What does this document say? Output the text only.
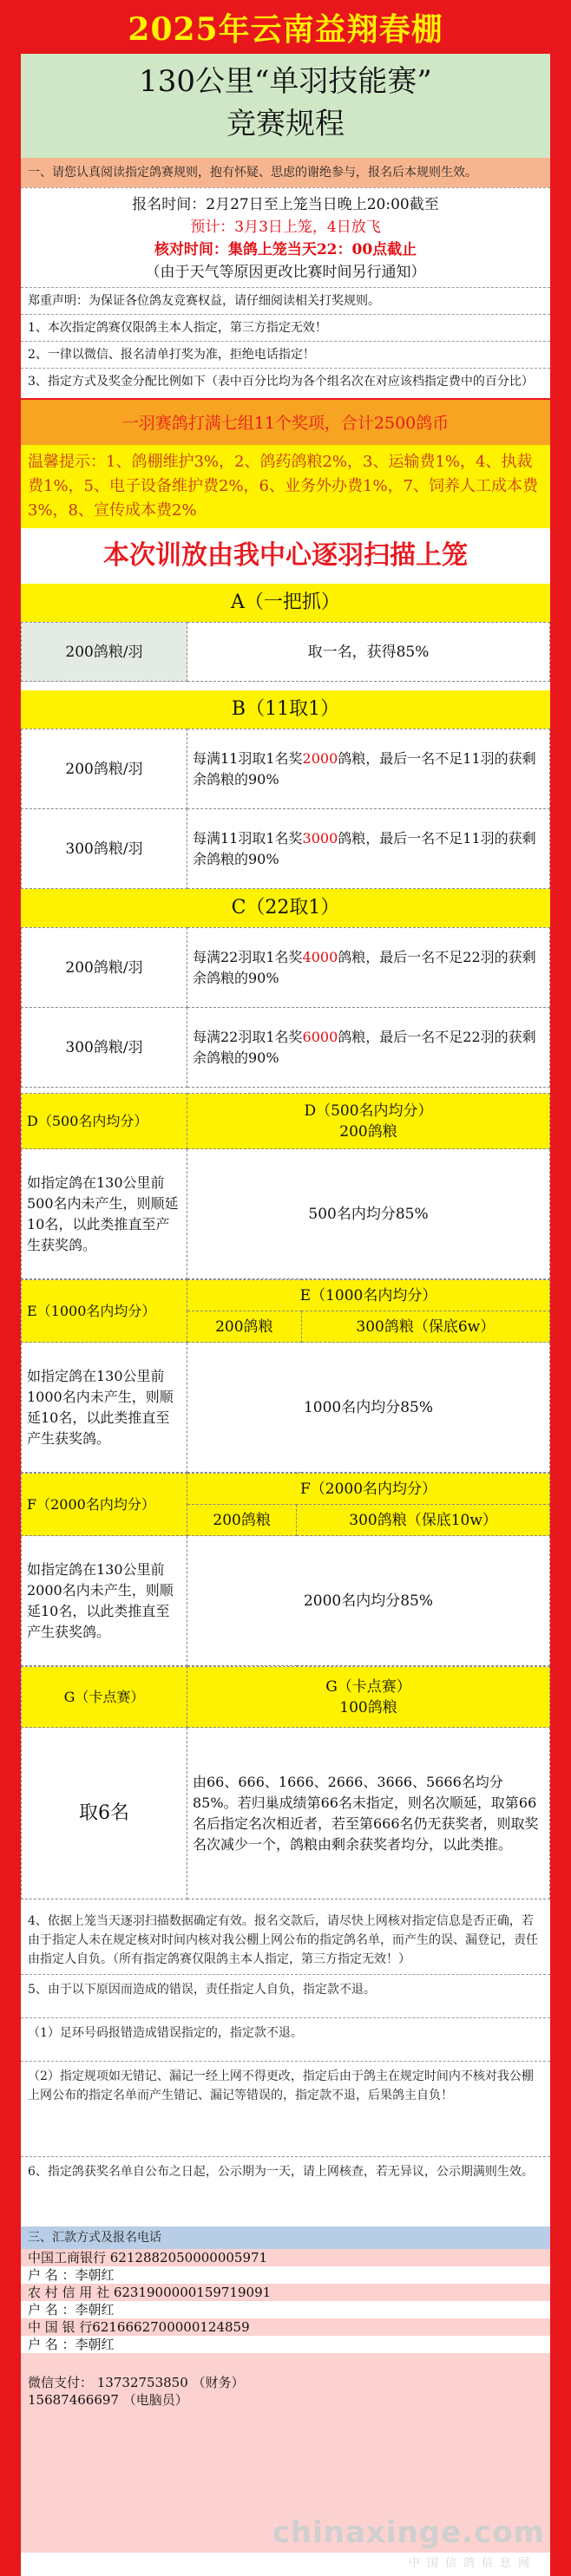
2025年云南益翔春棚
130公里“单羽技能赛”
竞赛规程
一、请您认真阅读指定鸽赛规则，抱有怀疑、思虑的谢绝参与，报名后本规则生效。
报名时间：2月27日至上笼当日晚上20:00截至
预计：3月3日上笼，4日放飞
核对时间：集鸽上笼当天22：00点截止
（由于天气等原因更改比赛时间另行通知）
郑重声明：为保证各位鸽友竞赛权益，请仔细阅读相关打奖规则。
1、本次指定鸽赛仅限鸽主本人指定，第三方指定无效！
2、一律以微信、报名清单打奖为准，拒绝电话指定！
3、指定方式及奖金分配比例如下（表中百分比均为各个组名次在对应该档指定费中的百分比）
一羽赛鸽打满七组11个奖项，合计2500鸽币
温馨提示：1、鸽棚维护3%，2、鸽药鸽粮2%，3、运输费1%，4、执裁费1%，5、电子设备维护费2%，6、业务外办费1%，7、饲养人工成本费3%，8、宣传成本费2%
本次训放由我中心逐羽扫描上笼
A（一把抓）
200鸽粮/羽	取一名，获得85%
B（11取1）
200鸽粮/羽	每满11羽取1名奖2000鸽粮，最后一名不足11羽的获剩余鸽粮的90%
300鸽粮/羽	每满11羽取1名奖3000鸽粮，最后一名不足11羽的获剩余鸽粮的90%
C（22取1）
200鸽粮/羽	每满22羽取1名奖4000鸽粮，最后一名不足22羽的获剩余鸽粮的90%
300鸽粮/羽	每满22羽取1名奖6000鸽粮，最后一名不足22羽的获剩余鸽粮的90%
D（500名内均分）	D（500名内均分）
200鸽粮

如指定鸽在130公里前500名内未产生，则顺延10名，以此类推直至产生获奖鸽。	500名内均分85%
E（1000名内均分）	E（1000名内均分）	
	200鸽粮	300鸽粮（保底6w）
如指定鸽在130公里前1000名内未产生，则顺延10名，以此类推直至产生获奖鸽。	1000名内均分85%	
F（2000名内均分）	F（2000名内均分）	
	200鸽粮	300鸽粮（保底10w）
如指定鸽在130公里前2000名内未产生，则顺延10名，以此类推直至产生获奖鸽。	2000名内均分85%	
G（卡点赛）	G（卡点赛）
100鸽粮

取6名	由66、666、1666、2666、3666、5666名均分85%。若归巢成绩第66名未指定，则名次顺延，取第66名后指定名次相近者，若至第666名仍无获奖者，则取奖名次减少一个，鸽粮由剩余获奖者均分，以此类推。
4、依据上笼当天逐羽扫描数据确定有效。报名交款后，请尽快上网核对指定信息是否正确，若由于指定人未在规定核对时间内核对我公棚上网公布的指定鸽名单，而产生的误、漏登记，责任由指定人自负。（所有指定鸽赛仅限鸽主本人指定，第三方指定无效！）
5、由于以下原因而造成的错误，责任指定人自负，指定款不退。
（1）足环号码报错造成错误指定的，指定款不退。
（2）指定规项如无错记、漏记一经上网不得更改，指定后由于鸽主在规定时间内不核对我公棚上网公布的指定名单而产生错记、漏记等错误的，指定款不退，后果鸽主自负！
6、指定鸽获奖名单自公布之日起，公示期为一天，请上网核查，若无异议，公示期满则生效。
三、汇款方式及报名电话
中国工商银行 6212882050000005971
户 名 ：李朝红
农 村 信 用 社 6231900000159719091
户 名 ：李朝红
中 国 银 行6216662700000124859
户 名 ：李朝红
微信支付： 13732753850 （财务）
15687466697 （电脑员）
chinaxinge.com
中国信鸽信息网
